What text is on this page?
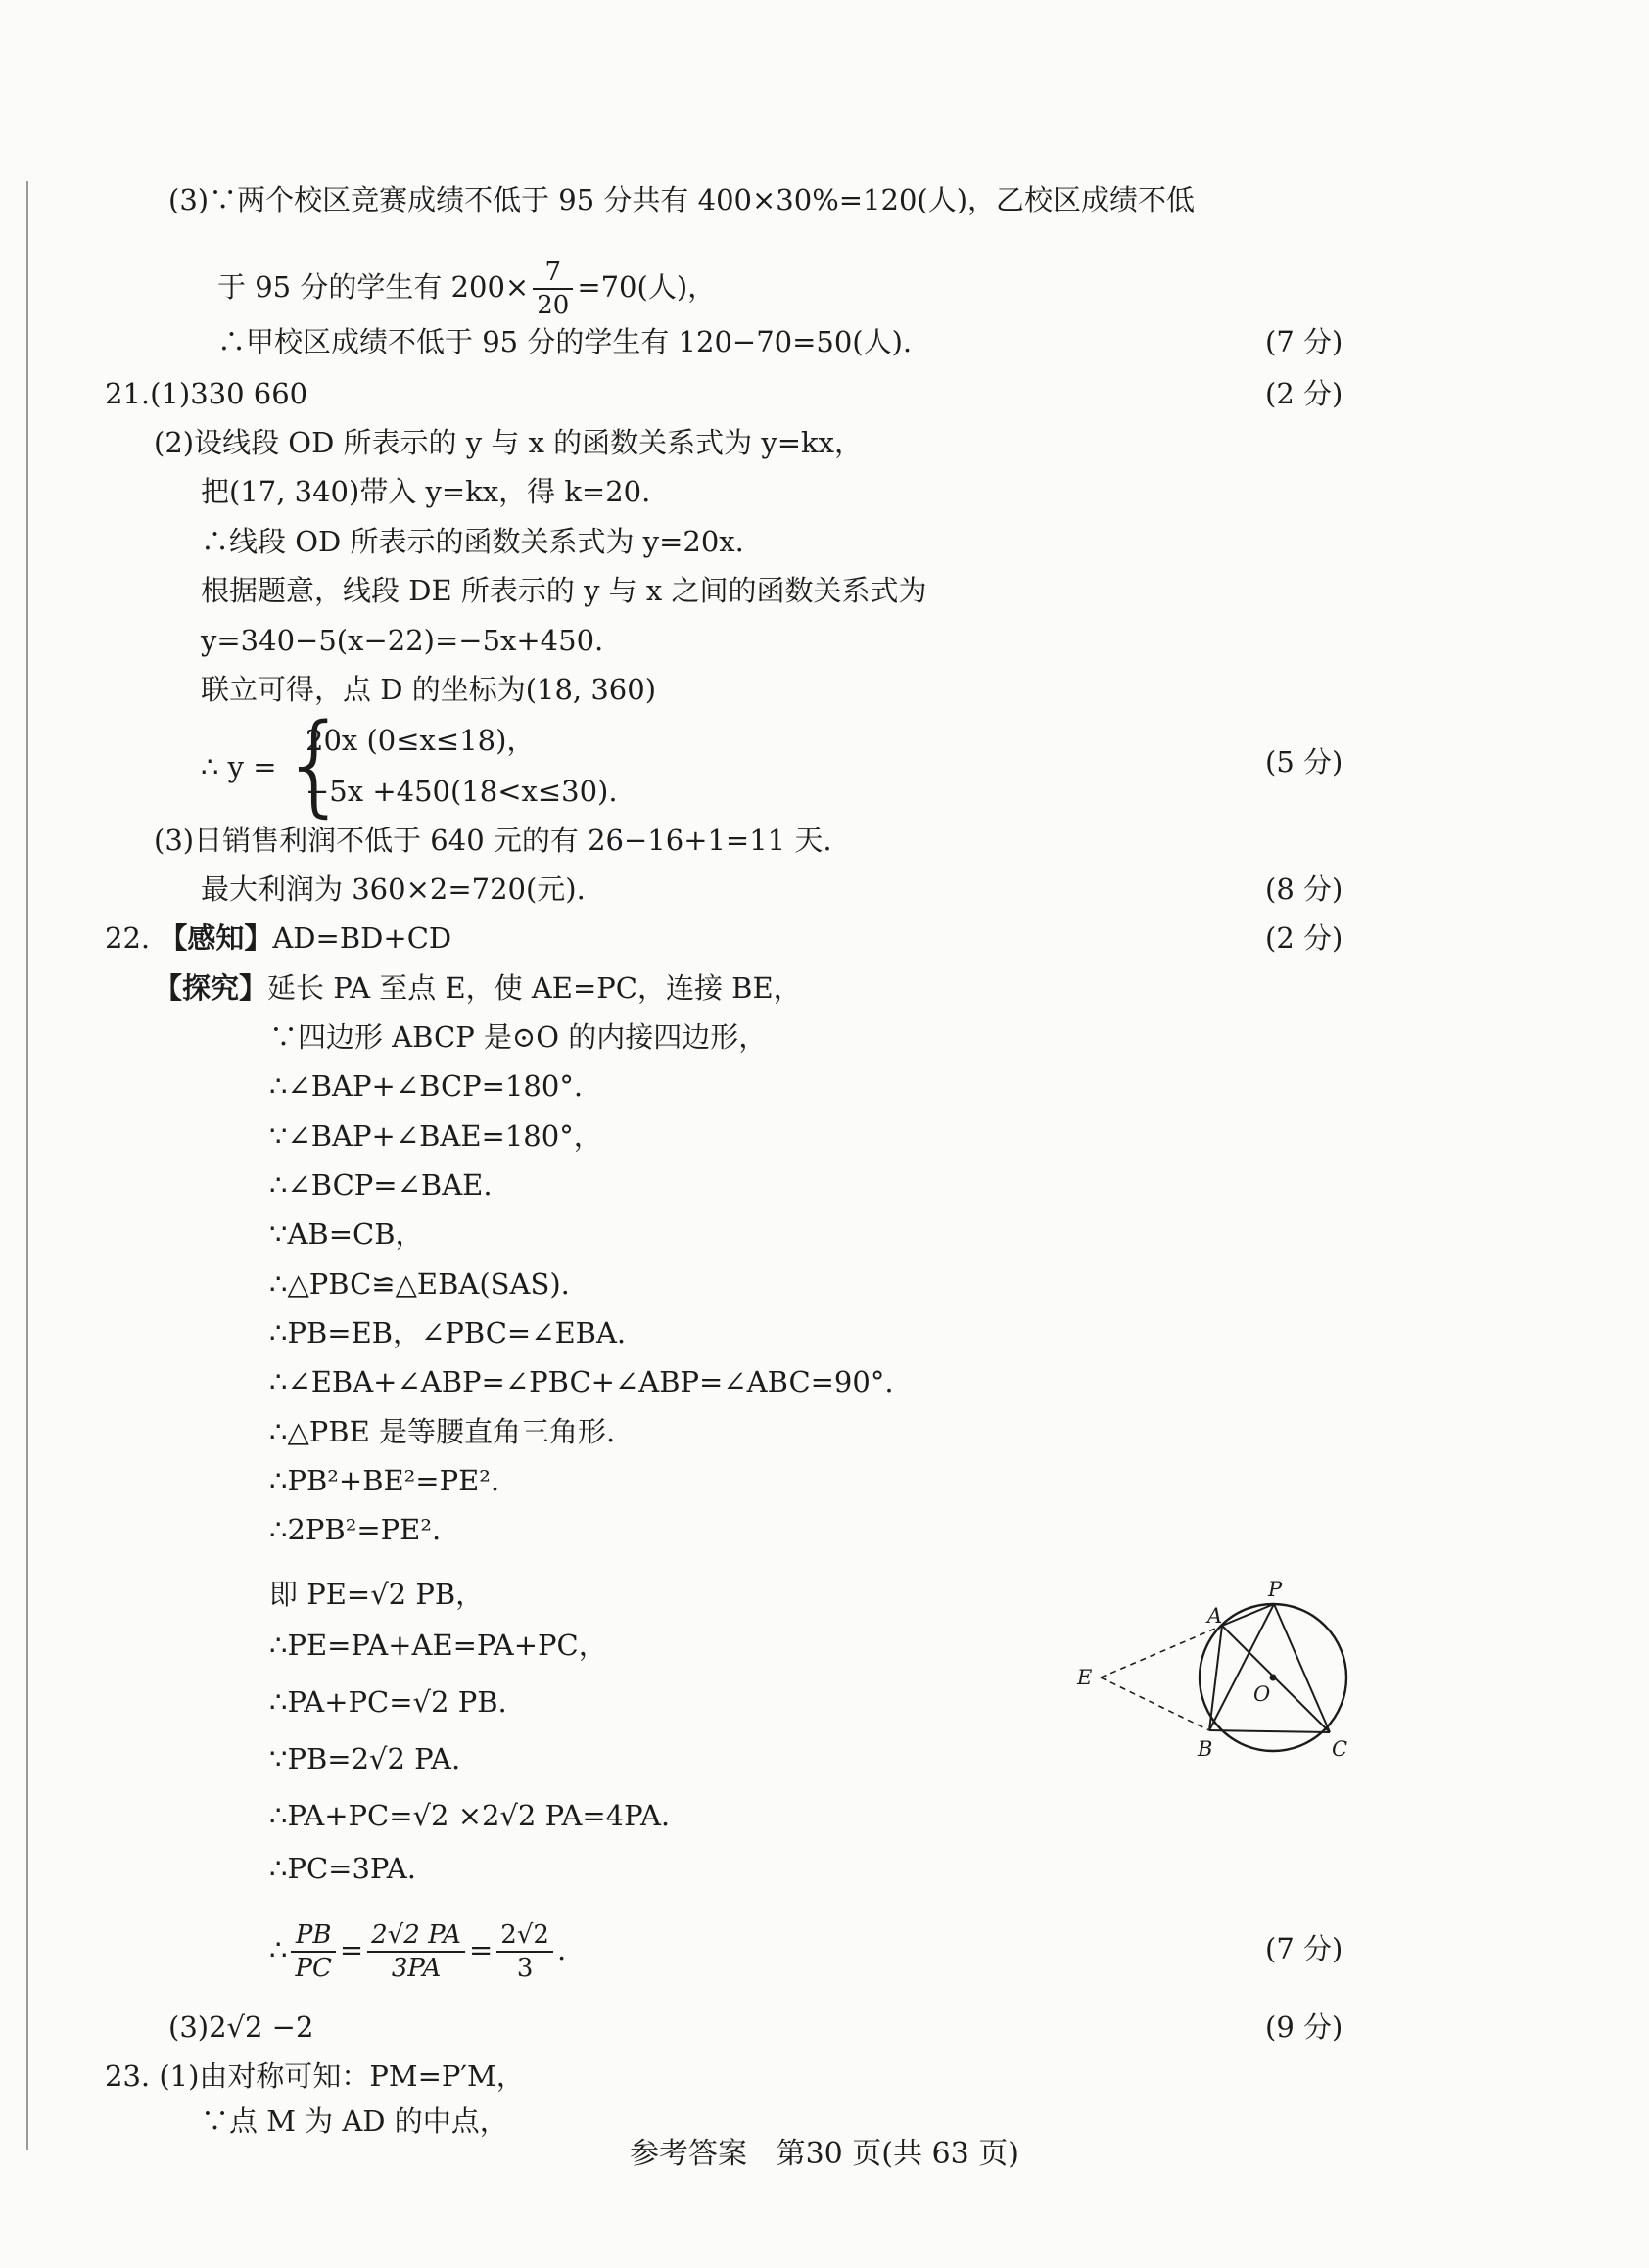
(3)∵两个校区竞赛成绩不低于 95 分共有 400×30%=120(人)，乙校区成绩不低
于 95 分的学生有 $200\times \frac{7}{20} =70$(人)，
∴甲校区成绩不低于 95 分的学生有 120−70=50(人).	(7 分)
21.(1)330 660	(2 分)
(2)设线段 OD 所表示的 y 与 x 的函数关系式为 y=kx，
把(17, 340)带入 y=kx，得 k=20.
∴线段 OD 所表示的函数关系式为 y=20x.
根据题意，线段 DE 所表示的 y 与 x 之间的函数关系式为
y=340−5(x−22)=−5x+450.
联立可得，点 D 的坐标为(18, 360)
∴ y = {
20x (0≤x≤18)，
−5x +450(18<x≤30).
(5 分)
(3)日销售利润不低于 640 元的有 26−16+1=11 天.
最大利润为 360×2=720(元).	(8 分)
22. 【感知】AD=BD+CD	(2 分)
【探究】延长 PA 至点 E，使 AE=PC，连接 BE，
∵四边形 ABCP 是⊙O 的内接四边形，
∴∠BAP+∠BCP=180°.
∵∠BAP+∠BAE=180°，
∴∠BCP=∠BAE.
∵AB=CB，
∴△PBC≌△EBA(SAS).
∴PB=EB，∠PBC=∠EBA.
∴∠EBA+∠ABP=∠PBC+∠ABP=∠ABC=90°.
∴△PBE 是等腰直角三角形.
∴PB²+BE²=PE².
∴2PB²=PE².
即 PE=√2 PB，
∴PE=PA+AE=PA+PC，
∴PA+PC=√2 PB.
∵PB=2√2 PA.
∴PA+PC=√2 ×2√2 PA=4PA.
∴PC=3PA.
∴ $\frac{PB}{PC} = \frac{2√2 PA}{3PA} = \frac{2√2}{3}$ .	(7 分)
(3)2√2 −2	(9 分)
23. (1)由对称可知：PM=P′M，
∵点 M 为 AD 的中点，
A
P
E
O
B	C
参考答案 第30 页(共 63 页)
